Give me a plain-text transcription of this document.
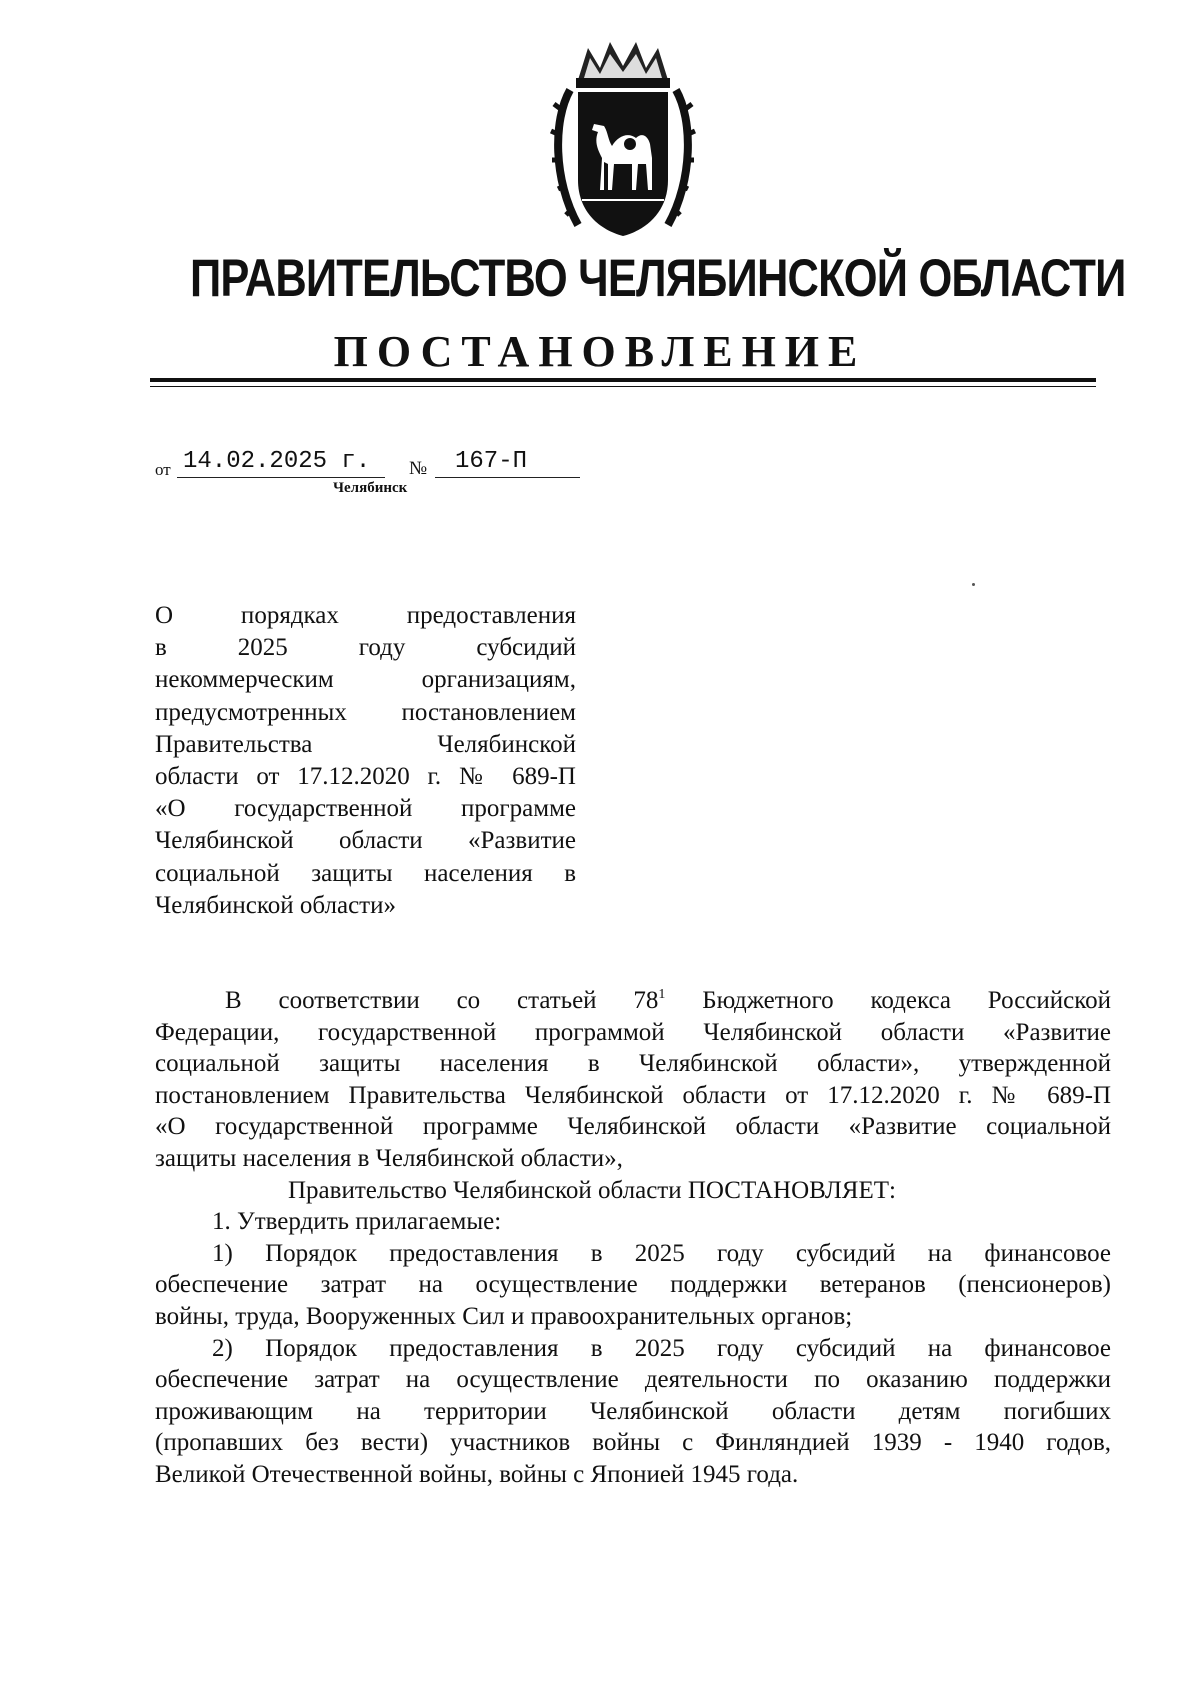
ПРАВИТЕЛЬСТВО ЧЕЛЯБИНСКОЙ ОБЛАСТИ
ПОСТАНОВЛЕНИЕ
от 14.02.2025 г. № 167-П
Челябинск
О порядках предоставления
в 2025 году субсидий
некоммерческим организациям,
предусмотренных постановлением
Правительства Челябинской
области от 17.12.2020 г. № 689-П
«О государственной программе
Челябинской области «Развитие
социальной защиты населения в
Челябинской области»
В соответствии со статьей $78^1$ Бюджетного кодекса Российской
Федерации, государственной программой Челябинской области «Развитие
социальной защиты населения в Челябинской области», утвержденной
постановлением Правительства Челябинской области от 17.12.2020 г. № 689-П
«О государственной программе Челябинской области «Развитие социальной
защиты населения в Челябинской области»,
Правительство Челябинской области ПОСТАНОВЛЯЕТ:
1. Утвердить прилагаемые:
1) Порядок предоставления в 2025 году субсидий на финансовое
обеспечение затрат на осуществление поддержки ветеранов (пенсионеров)
войны, труда, Вооруженных Сил и правоохранительных органов;
2) Порядок предоставления в 2025 году субсидий на финансовое
обеспечение затрат на осуществление деятельности по оказанию поддержки
проживающим на территории Челябинской области детям погибших
(пропавших без вести) участников войны с Финляндией 1939 - 1940 годов,
Великой Отечественной войны, войны с Японией 1945 года.
